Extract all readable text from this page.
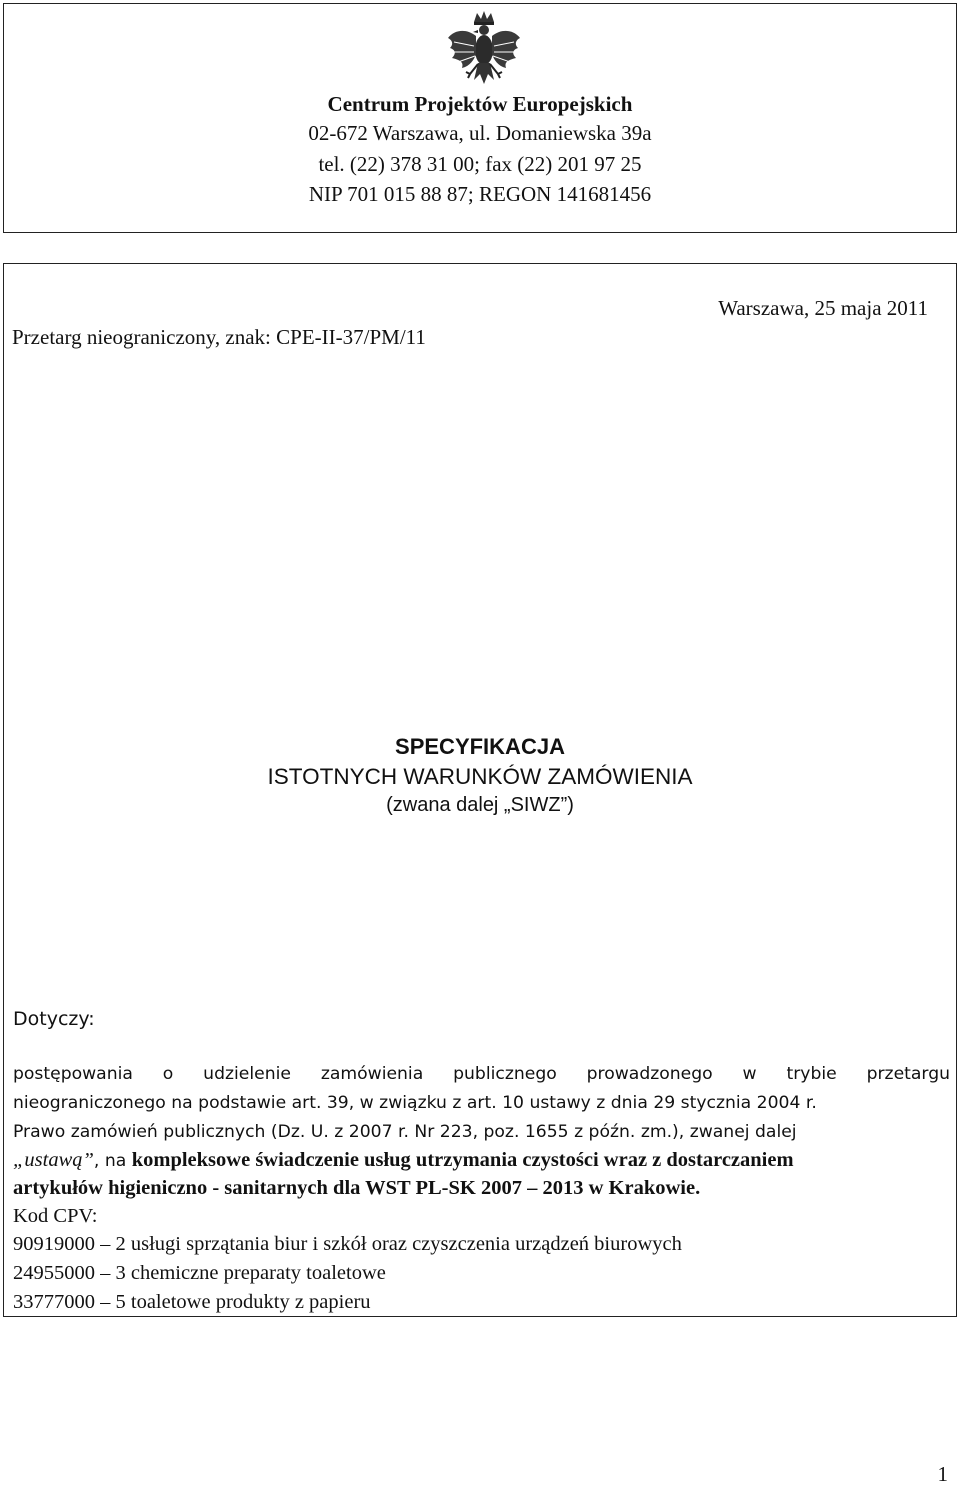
Centrum Projektów Europejskich
02-672 Warszawa, ul. Domaniewska 39a
tel. (22) 378 31 00; fax (22) 201 97 25
NIP 701 015 88 87; REGON 141681456
Warszawa, 25 maja 2011
Przetarg nieograniczony, znak: CPE-II-37/PM/11
SPECYFIKACJA
ISTOTNYCH WARUNKÓW ZAMÓWIENIA
(zwana dalej „SIWZ”)
Dotyczy:
postępowania o udzielenie zamówienia publicznego prowadzonego w trybie przetargu
nieograniczonego na podstawie art. 39, w związku z art. 10 ustawy z dnia 29 stycznia 2004 r.
Prawo zamówień publicznych (Dz. U. z 2007 r. Nr 223, poz. 1655 z późn. zm.), zwanej dalej
„ustawą”, na kompleksowe świadczenie usług utrzymania czystości wraz z dostarczaniem
artykułów higieniczno - sanitarnych dla WST PL-SK 2007 – 2013 w Krakowie.
Kod CPV:
90919000 – 2 usługi sprzątania biur i szkół oraz czyszczenia urządzeń biurowych
24955000 – 3 chemiczne preparaty toaletowe
33777000 – 5 toaletowe produkty z papieru
1
